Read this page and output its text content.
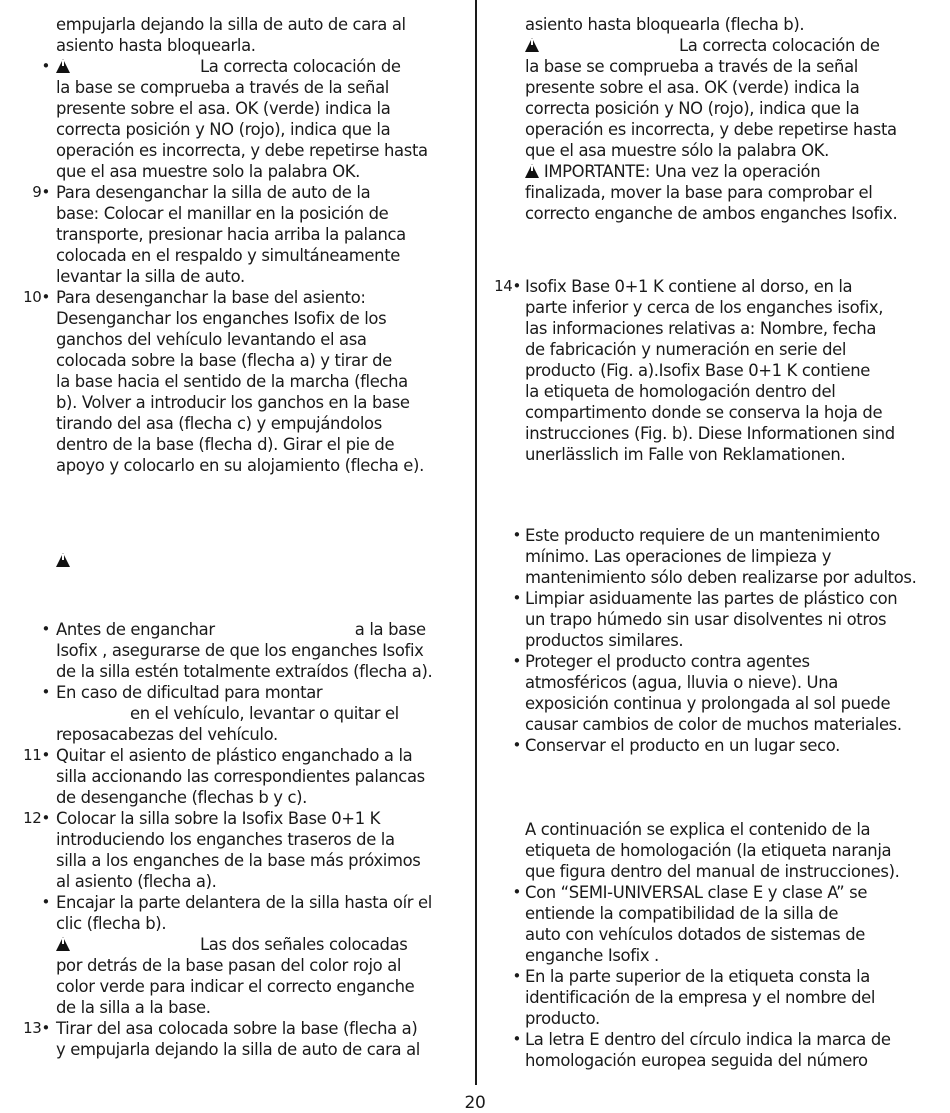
empujarla dejando la silla de auto de cara al
asiento hasta bloquearla.
•	La correcta colocación de
la base se comprueba a través de la señal
presente sobre el asa. OK (verde) indica la
correcta posición y NO (rojo), indica que la
operación es incorrecta, y debe repetirse hasta
que el asa muestre solo la palabra OK.
9• Para desenganchar la silla de auto de la
base: Colocar el manillar en la posición de
transporte, presionar hacia arriba la palanca
colocada en el respaldo y simultáneamente
levantar la silla de auto.
10• Para desenganchar la base del asiento:
Desenganchar los enganches Isofix de los
ganchos del vehículo levantando el asa
colocada sobre la base (flecha a) y tirar de
la base hacia el sentido de la marcha (flecha
b). Volver a introducir los ganchos en la base
tirando del asa (flecha c) y empujándolos
dentro de la base (flecha d). Girar el pie de
apoyo y colocarlo en su alojamiento (flecha e).
• Antes de enganchar	a la base
Isofix , asegurarse de que los enganches Isofix
de la silla estén totalmente extraídos (flecha a).
• En caso de dificultad para montar
en el vehículo, levantar o quitar el
reposacabezas del vehículo.
11• Quitar el asiento de plástico enganchado a la
silla accionando las correspondientes palancas
de desenganche (flechas b y c).
12• Colocar la silla sobre la Isofix Base 0+1 K
introduciendo los enganches traseros de la
silla a los enganches de la base más próximos
al asiento (flecha a).
• Encajar la parte delantera de la silla hasta oír el
clic (flecha b).
Las dos señales colocadas
por detrás de la base pasan del color rojo al
color verde para indicar el correcto enganche
de la silla a la base.
13• Tirar del asa colocada sobre la base (flecha a)
y empujarla dejando la silla de auto de cara al
asiento hasta bloquearla (flecha b).
La correcta colocación de
la base se comprueba a través de la señal
presente sobre el asa. OK (verde) indica la
correcta posición y NO (rojo), indica que la
operación es incorrecta, y debe repetirse hasta
que el asa muestre sólo la palabra OK.
IMPORTANTE: Una vez la operación
finalizada, mover la base para comprobar el
correcto enganche de ambos enganches Isofix.
14• Isofix Base 0+1 K contiene al dorso, en la
parte inferior y cerca de los enganches isofix,
las informaciones relativas a: Nombre, fecha
de fabricación y numeración en serie del
producto (Fig. a).Isofix Base 0+1 K contiene
la etiqueta de homologación dentro del
compartimento donde se conserva la hoja de
instrucciones (Fig. b). Diese Informationen sind
unerlässlich im Falle von Reklamationen.
• Este producto requiere de un mantenimiento
mínimo. Las operaciones de limpieza y
mantenimiento sólo deben realizarse por adultos.
• Limpiar asiduamente las partes de plástico con
un trapo húmedo sin usar disolventes ni otros
productos similares.
• Proteger el producto contra agentes
atmosféricos (agua, lluvia o nieve). Una
exposición continua y prolongada al sol puede
causar cambios de color de muchos materiales.
• Conservar el producto en un lugar seco.
A continuación se explica el contenido de la
etiqueta de homologación (la etiqueta naranja
que figura dentro del manual de instrucciones).
• Con “SEMI-UNIVERSAL clase E y clase A” se
entiende la compatibilidad de la silla de
auto con vehículos dotados de sistemas de
enganche Isofix .
• En la parte superior de la etiqueta consta la
identificación de la empresa y el nombre del
producto.
• La letra E dentro del círculo indica la marca de
homologación europea seguida del número
20
